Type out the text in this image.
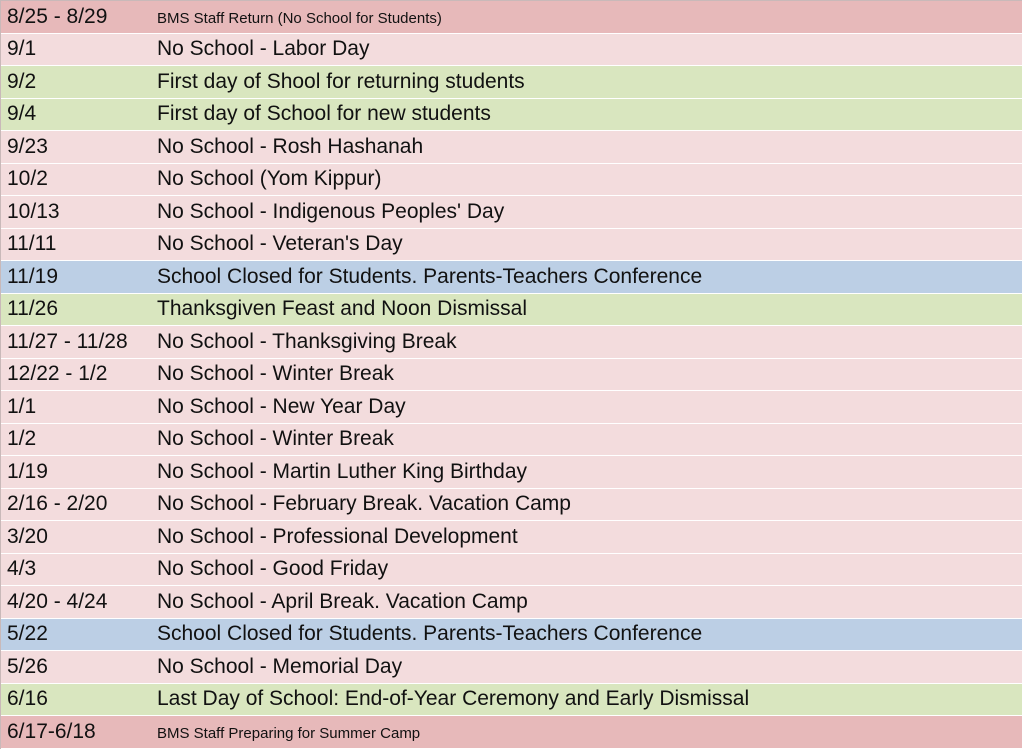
8/25 - 8/29	BMS Staff Return (No School for Students)
9/1	No School - Labor Day
9/2	First day of Shool for returning students
9/4	First day of School for new students
9/23	No School - Rosh Hashanah
10/2	No School (Yom Kippur)
10/13	No School - Indigenous Peoples' Day
11/11	No School - Veteran's Day
11/19	School Closed for Students. Parents-Teachers Conference
11/26	Thanksgiven Feast and Noon Dismissal
11/27 - 11/28	No School - Thanksgiving Break
12/22 - 1/2	No School - Winter Break
1/1	No School - New Year Day
1/2	No School - Winter Break
1/19	No School - Martin Luther King Birthday
2/16 - 2/20	No School - February Break. Vacation Camp
3/20	No School - Professional Development
4/3	No School - Good Friday
4/20 - 4/24	No School - April Break. Vacation Camp
5/22	School Closed for Students. Parents-Teachers Conference
5/26	No School - Memorial Day
6/16	Last Day of School: End-of-Year Ceremony and Early Dismissal
6/17-6/18	BMS Staff Preparing for Summer Camp
